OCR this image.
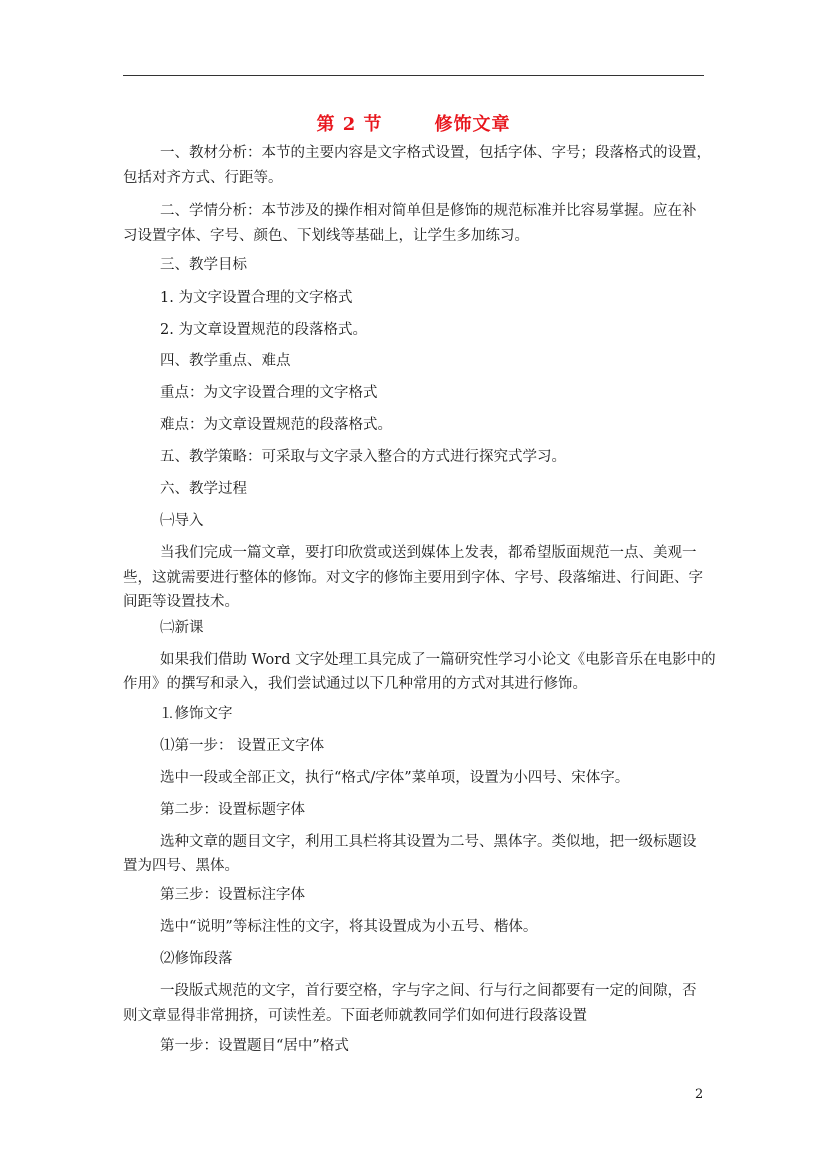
第 2 节	修饰文章
一、教材分析：本节的主要内容是文字格式设置，包括字体、字号；段落格式的设置，
包括对齐方式、行距等。
二、学情分析：本节涉及的操作相对简单但是修饰的规范标准并比容易掌握。应在补
习设置字体、字号、颜色、下划线等基础上，让学生多加练习。
三、教学目标
1. 为文字设置合理的文字格式
2. 为文章设置规范的段落格式。
四、教学重点、难点
重点：为文字设置合理的文字格式
难点：为文章设置规范的段落格式。
五、教学策略：可采取与文字录入整合的方式进行探究式学习。
六、教学过程
㈠导入
当我们完成一篇文章，要打印欣赏或送到媒体上发表，都希望版面规范一点、美观一
些，这就需要进行整体的修饰。对文字的修饰主要用到字体、字号、段落缩进、行间距、字
间距等设置技术。
㈡新课
如果我们借助 Word 文字处理工具完成了一篇研究性学习小论文《电影音乐在电影中的
作用》的撰写和录入，我们尝试通过以下几种常用的方式对其进行修饰。
⒈修饰文字
⑴第一步： 设置正文字体
选中一段或全部正文，执行“格式/字体”菜单项，设置为小四号、宋体字。
第二步：设置标题字体
选种文章的题目文字，利用工具栏将其设置为二号、黑体字。类似地，把一级标题设
置为四号、黑体。
第三步：设置标注字体
选中“说明”等标注性的文字，将其设置成为小五号、楷体。
⑵修饰段落
一段版式规范的文字，首行要空格，字与字之间、行与行之间都要有一定的间隙，否
则文章显得非常拥挤，可读性差。下面老师就教同学们如何进行段落设置
第一步：设置题目“居中”格式
2
